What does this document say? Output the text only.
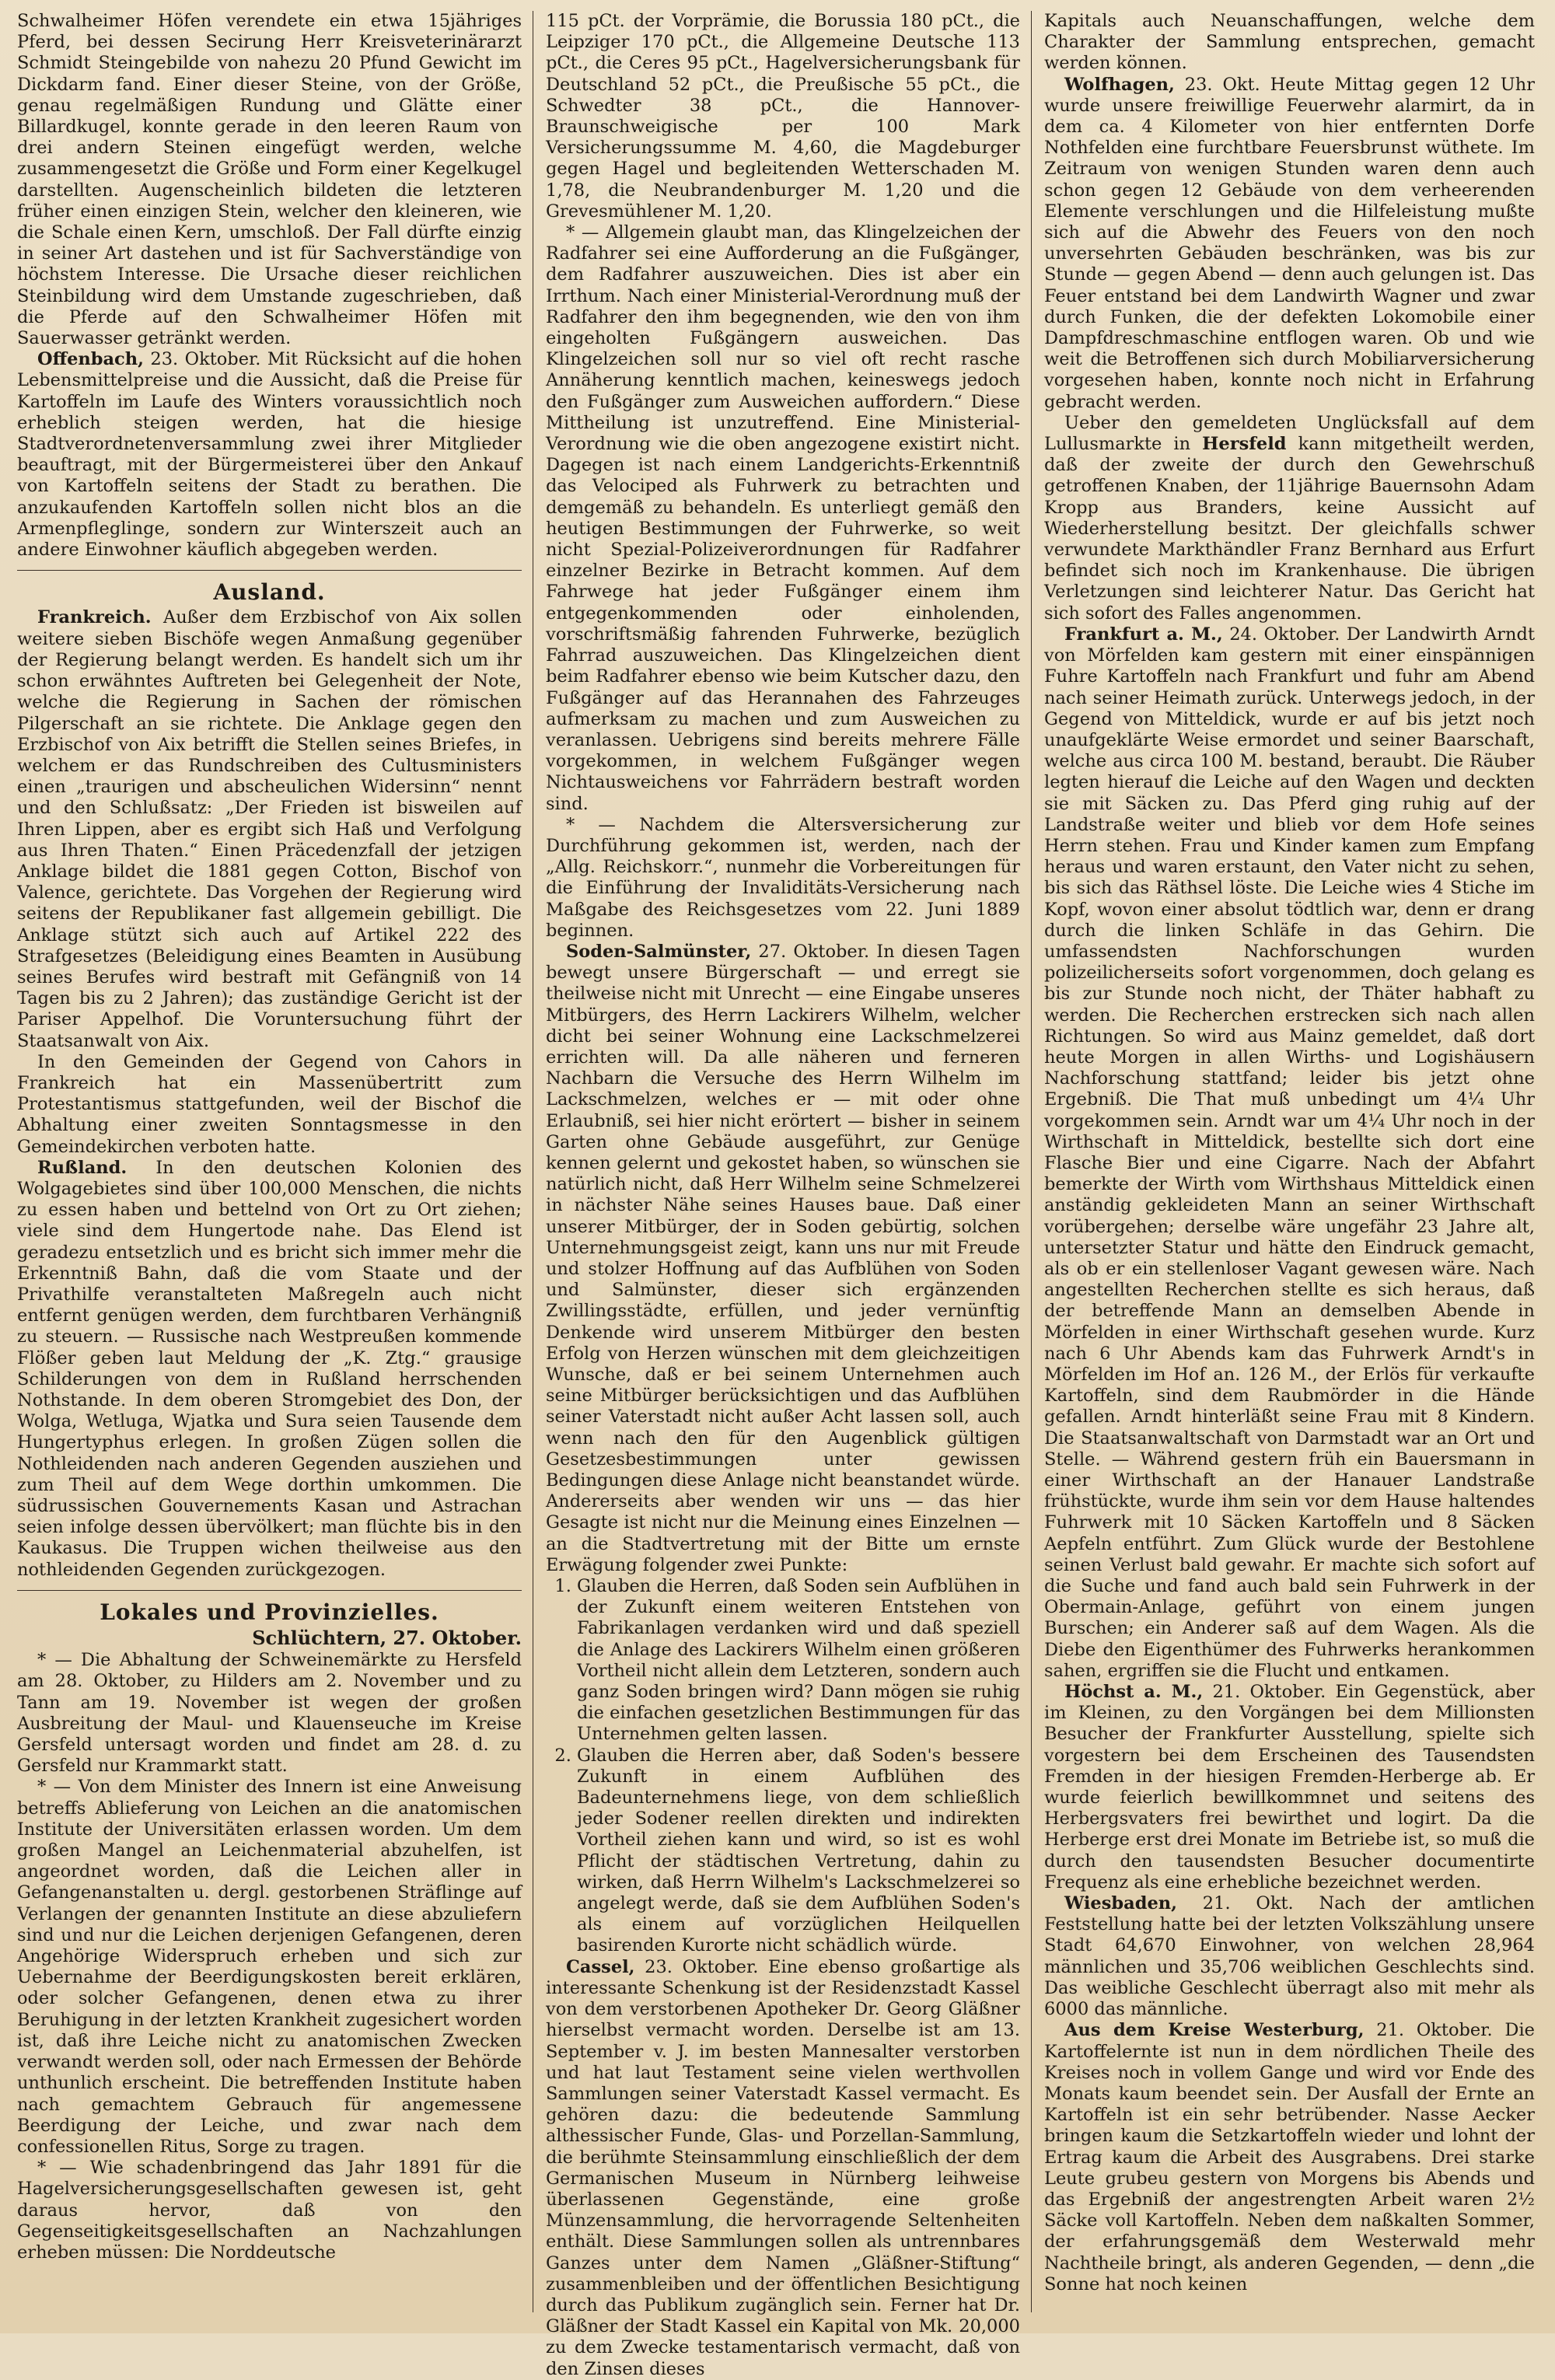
Schwalheimer Höfen verendete ein etwa 15jähriges Pferd, bei dessen Secirung Herr Kreisveterinärarzt Schmidt Steingebilde von nahezu 20 Pfund Gewicht im Dickdarm fand. Einer dieser Steine, von der Größe, genau regelmäßigen Rundung und Glätte einer Billardkugel, konnte gerade in den leeren Raum von drei andern Steinen eingefügt werden, welche zusammengesetzt die Größe und Form einer Kegelkugel darstellten. Augenscheinlich bildeten die letzteren früher einen einzigen Stein, welcher den kleineren, wie die Schale einen Kern, umschloß. Der Fall dürfte einzig in seiner Art dastehen und ist für Sachverständige von höchstem Interesse. Die Ursache dieser reichlichen Steinbildung wird dem Umstande zugeschrieben, daß die Pferde auf den Schwalheimer Höfen mit Sauerwasser getränkt werden.

Offenbach, 23. Oktober. Mit Rücksicht auf die hohen Lebensmittelpreise und die Aussicht, daß die Preise für Kartoffeln im Laufe des Winters voraussichtlich noch erheblich steigen werden, hat die hiesige Stadtverordnetenversammlung zwei ihrer Mitglieder beauftragt, mit der Bürgermeisterei über den Ankauf von Kartoffeln seitens der Stadt zu berathen. Die anzukaufenden Kartoffeln sollen nicht blos an die Armenpfleglinge, sondern zur Winterszeit auch an andere Einwohner käuflich abgegeben werden.

Ausland.

Frankreich. Außer dem Erzbischof von Aix sollen weitere sieben Bischöfe wegen Anmaßung gegenüber der Regierung belangt werden. Es handelt sich um ihr schon erwähntes Auftreten bei Gelegenheit der Note, welche die Regierung in Sachen der römischen Pilgerschaft an sie richtete. Die Anklage gegen den Erzbischof von Aix betrifft die Stellen seines Briefes, in welchem er das Rundschreiben des Cultusministers einen „traurigen und abscheulichen Widersinn“ nennt und den Schlußsatz: „Der Frieden ist bisweilen auf Ihren Lippen, aber es ergibt sich Haß und Verfolgung aus Ihren Thaten.“ Einen Präcedenzfall der jetzigen Anklage bildet die 1881 gegen Cotton, Bischof von Valence, gerichtete. Das Vorgehen der Regierung wird seitens der Republikaner fast allgemein gebilligt. Die Anklage stützt sich auch auf Artikel 222 des Strafgesetzes (Beleidigung eines Beamten in Ausübung seines Berufes wird bestraft mit Gefängniß von 14 Tagen bis zu 2 Jahren); das zuständige Gericht ist der Pariser Appelhof. Die Voruntersuchung führt der Staatsanwalt von Aix.

In den Gemeinden der Gegend von Cahors in Frankreich hat ein Massenübertritt zum Protestantismus stattgefunden, weil der Bischof die Abhaltung einer zweiten Sonntagsmesse in den Gemeindekirchen verboten hatte.

Rußland. In den deutschen Kolonien des Wolgagebietes sind über 100,000 Menschen, die nichts zu essen haben und bettelnd von Ort zu Ort ziehen; viele sind dem Hungertode nahe. Das Elend ist geradezu entsetzlich und es bricht sich immer mehr die Erkenntniß Bahn, daß die vom Staate und der Privathilfe veranstalteten Maßregeln auch nicht entfernt genügen werden, dem furchtbaren Verhängniß zu steuern. — Russische nach Westpreußen kommende Flößer geben laut Meldung der „K. Ztg.“ grausige Schilderungen von dem in Rußland herrschenden Nothstande. In dem oberen Stromgebiet des Don, der Wolga, Wetluga, Wjatka und Sura seien Tausende dem Hungertyphus erlegen. In großen Zügen sollen die Nothleidenden nach anderen Gegenden ausziehen und zum Theil auf dem Wege dorthin umkommen. Die südrussischen Gouvernements Kasan und Astrachan seien infolge dessen übervölkert; man flüchte bis in den Kaukasus. Die Truppen wichen theilweise aus den nothleidenden Gegenden zurückgezogen.

Lokales und Provinzielles.

Schlüchtern, 27. Oktober.

* — Die Abhaltung der Schweinemärkte zu Hersfeld am 28. Oktober, zu Hilders am 2. November und zu Tann am 19. November ist wegen der großen Ausbreitung der Maul- und Klauenseuche im Kreise Gersfeld untersagt worden und findet am 28. d. zu Gersfeld nur Krammarkt statt.

* — Von dem Minister des Innern ist eine Anweisung betreffs Ablieferung von Leichen an die anatomischen Institute der Universitäten erlassen worden. Um dem großen Mangel an Leichenmaterial abzuhelfen, ist angeordnet worden, daß die Leichen aller in Gefangenanstalten u. dergl. gestorbenen Sträflinge auf Verlangen der genannten Institute an diese abzuliefern sind und nur die Leichen derjenigen Gefangenen, deren Angehörige Widerspruch erheben und sich zur Uebernahme der Beerdigungskosten bereit erklären, oder solcher Gefangenen, denen etwa zu ihrer Beruhigung in der letzten Krankheit zugesichert worden ist, daß ihre Leiche nicht zu anatomischen Zwecken verwandt werden soll, oder nach Ermessen der Behörde unthunlich erscheint. Die betreffenden Institute haben nach gemachtem Gebrauch für angemessene Beerdigung der Leiche, und zwar nach dem confessionellen Ritus, Sorge zu tragen.

* — Wie schadenbringend das Jahr 1891 für die Hagelversicherungsgesellschaften gewesen ist, geht daraus hervor, daß von den Gegenseitigkeitsgesellschaften an Nachzahlungen erheben müssen: Die Norddeutsche

115 pCt. der Vorprämie, die Borussia 180 pCt., die Leipziger 170 pCt., die Allgemeine Deutsche 113 pCt., die Ceres 95 pCt., Hagelversicherungsbank für Deutschland 52 pCt., die Preußische 55 pCt., die Schwedter 38 pCt., die Hannover-Braunschweigische per 100 Mark Versicherungssumme M. 4,60, die Magdeburger gegen Hagel und begleitenden Wetterschaden M. 1,78, die Neubrandenburger M. 1,20 und die Grevesmühlener M. 1,20.

* — Allgemein glaubt man, das Klingelzeichen der Radfahrer sei eine Aufforderung an die Fußgänger, dem Radfahrer auszuweichen. Dies ist aber ein Irrthum. Nach einer Ministerial-Verordnung muß der Radfahrer den ihm begegnenden, wie den von ihm eingeholten Fußgängern ausweichen. Das Klingelzeichen soll nur so viel oft recht rasche Annäherung kenntlich machen, keineswegs jedoch den Fußgänger zum Ausweichen auffordern.“ Diese Mittheilung ist unzutreffend. Eine Ministerial-Verordnung wie die oben angezogene existirt nicht. Dagegen ist nach einem Landgerichts-Erkenntniß das Velociped als Fuhrwerk zu betrachten und demgemäß zu behandeln. Es unterliegt gemäß den heutigen Bestimmungen der Fuhrwerke, so weit nicht Spezial-Polizeiverordnungen für Radfahrer einzelner Bezirke in Betracht kommen. Auf dem Fahrwege hat jeder Fußgänger einem ihm entgegenkommenden oder einholenden, vorschriftsmäßig fahrenden Fuhrwerke, bezüglich Fahrrad auszuweichen. Das Klingelzeichen dient beim Radfahrer ebenso wie beim Kutscher dazu, den Fußgänger auf das Herannahen des Fahrzeuges aufmerksam zu machen und zum Ausweichen zu veranlassen. Uebrigens sind bereits mehrere Fälle vorgekommen, in welchem Fußgänger wegen Nichtausweichens vor Fahrrädern bestraft worden sind.

* — Nachdem die Altersversicherung zur Durchführung gekommen ist, werden, nach der „Allg. Reichskorr.“, nunmehr die Vorbereitungen für die Einführung der Invaliditäts-Versicherung nach Maßgabe des Reichsgesetzes vom 22. Juni 1889 beginnen.

Soden-Salmünster, 27. Oktober. In diesen Tagen bewegt unsere Bürgerschaft — und erregt sie theilweise nicht mit Unrecht — eine Eingabe unseres Mitbürgers, des Herrn Lackirers Wilhelm, welcher dicht bei seiner Wohnung eine Lackschmelzerei errichten will. Da alle näheren und ferneren Nachbarn die Versuche des Herrn Wilhelm im Lackschmelzen, welches er — mit oder ohne Erlaubniß, sei hier nicht erörtert — bisher in seinem Garten ohne Gebäude ausgeführt, zur Genüge kennen gelernt und gekostet haben, so wünschen sie natürlich nicht, daß Herr Wilhelm seine Schmelzerei in nächster Nähe seines Hauses baue. Daß einer unserer Mitbürger, der in Soden gebürtig, solchen Unternehmungsgeist zeigt, kann uns nur mit Freude und stolzer Hoffnung auf das Aufblühen von Soden und Salmünster, dieser sich ergänzenden Zwillingsstädte, erfüllen, und jeder vernünftig Denkende wird unserem Mitbürger den besten Erfolg von Herzen wünschen mit dem gleichzeitigen Wunsche, daß er bei seinem Unternehmen auch seine Mitbürger berücksichtigen und das Aufblühen seiner Vaterstadt nicht außer Acht lassen soll, auch wenn nach den für den Augenblick gültigen Gesetzesbestimmungen unter gewissen Bedingungen diese Anlage nicht beanstandet würde. Andererseits aber wenden wir uns — das hier Gesagte ist nicht nur die Meinung eines Einzelnen — an die Stadtvertretung mit der Bitte um ernste Erwägung folgender zwei Punkte:

1. Glauben die Herren, daß Soden sein Aufblühen in der Zukunft einem weiteren Entstehen von Fabrikanlagen verdanken wird und daß speziell die Anlage des Lackirers Wilhelm einen größeren Vortheil nicht allein dem Letzteren, sondern auch ganz Soden bringen wird? Dann mögen sie ruhig die einfachen gesetzlichen Bestimmungen für das Unternehmen gelten lassen.
2. Glauben die Herren aber, daß Soden's bessere Zukunft in einem Aufblühen des Badeunternehmens liege, von dem schließlich jeder Sodener reellen direkten und indirekten Vortheil ziehen kann und wird, so ist es wohl Pflicht der städtischen Vertretung, dahin zu wirken, daß Herrn Wilhelm's Lackschmelzerei so angelegt werde, daß sie dem Aufblühen Soden's als einem auf vorzüglichen Heilquellen basirenden Kurorte nicht schädlich würde.

Cassel, 23. Oktober. Eine ebenso großartige als interessante Schenkung ist der Residenzstadt Kassel von dem verstorbenen Apotheker Dr. Georg Gläßner hierselbst vermacht worden. Derselbe ist am 13. September v. J. im besten Mannesalter verstorben und hat laut Testament seine vielen werthvollen Sammlungen seiner Vaterstadt Kassel vermacht. Es gehören dazu: die bedeutende Sammlung althessischer Funde, Glas- und Porzellan-Sammlung, die berühmte Steinsammlung einschließlich der dem Germanischen Museum in Nürnberg leihweise überlassenen Gegenstände, eine große Münzensammlung, die hervorragende Seltenheiten enthält. Diese Sammlungen sollen als untrennbares Ganzes unter dem Namen „Gläßner-Stiftung“ zusammenbleiben und der öffentlichen Besichtigung durch das Publikum zugänglich sein. Ferner hat Dr. Gläßner der Stadt Kassel ein Kapital von Mk. 20,000 zu dem Zwecke testamentarisch vermacht, daß von den Zinsen dieses

Kapitals auch Neuanschaffungen, welche dem Charakter der Sammlung entsprechen, gemacht werden können.

Wolfhagen, 23. Okt. Heute Mittag gegen 12 Uhr wurde unsere freiwillige Feuerwehr alarmirt, da in dem ca. 4 Kilometer von hier entfernten Dorfe Nothfelden eine furchtbare Feuersbrunst wüthete. Im Zeitraum von wenigen Stunden waren denn auch schon gegen 12 Gebäude von dem verheerenden Elemente verschlungen und die Hilfeleistung mußte sich auf die Abwehr des Feuers von den noch unversehrten Gebäuden beschränken, was bis zur Stunde — gegen Abend — denn auch gelungen ist. Das Feuer entstand bei dem Landwirth Wagner und zwar durch Funken, die der defekten Lokomobile einer Dampfdreschmaschine entflogen waren. Ob und wie weit die Betroffenen sich durch Mobiliarversicherung vorgesehen haben, konnte noch nicht in Erfahrung gebracht werden.

Ueber den gemeldeten Unglücksfall auf dem Lullusmarkte in Hersfeld kann mitgetheilt werden, daß der zweite der durch den Gewehrschuß getroffenen Knaben, der 11jährige Bauernsohn Adam Kropp aus Branders, keine Aussicht auf Wiederherstellung besitzt. Der gleichfalls schwer verwundete Markthändler Franz Bernhard aus Erfurt befindet sich noch im Krankenhause. Die übrigen Verletzungen sind leichterer Natur. Das Gericht hat sich sofort des Falles angenommen.

Frankfurt a. M., 24. Oktober. Der Landwirth Arndt von Mörfelden kam gestern mit einer einspännigen Fuhre Kartoffeln nach Frankfurt und fuhr am Abend nach seiner Heimath zurück. Unterwegs jedoch, in der Gegend von Mitteldick, wurde er auf bis jetzt noch unaufgeklärte Weise ermordet und seiner Baarschaft, welche aus circa 100 M. bestand, beraubt. Die Räuber legten hierauf die Leiche auf den Wagen und deckten sie mit Säcken zu. Das Pferd ging ruhig auf der Landstraße weiter und blieb vor dem Hofe seines Herrn stehen. Frau und Kinder kamen zum Empfang heraus und waren erstaunt, den Vater nicht zu sehen, bis sich das Räthsel löste. Die Leiche wies 4 Stiche im Kopf, wovon einer absolut tödtlich war, denn er drang durch die linken Schläfe in das Gehirn. Die umfassendsten Nachforschungen wurden polizeilicherseits sofort vorgenommen, doch gelang es bis zur Stunde noch nicht, der Thäter habhaft zu werden. Die Recherchen erstrecken sich nach allen Richtungen. So wird aus Mainz gemeldet, daß dort heute Morgen in allen Wirths- und Logishäusern Nachforschung stattfand; leider bis jetzt ohne Ergebniß. Die That muß unbedingt um 4¼ Uhr vorgekommen sein. Arndt war um 4¼ Uhr noch in der Wirthschaft in Mitteldick, bestellte sich dort eine Flasche Bier und eine Cigarre. Nach der Abfahrt bemerkte der Wirth vom Wirthshaus Mitteldick einen anständig gekleideten Mann an seiner Wirthschaft vorübergehen; derselbe wäre ungefähr 23 Jahre alt, untersetzter Statur und hätte den Eindruck gemacht, als ob er ein stellenloser Vagant gewesen wäre. Nach angestellten Recherchen stellte es sich heraus, daß der betreffende Mann an demselben Abende in Mörfelden in einer Wirthschaft gesehen wurde. Kurz nach 6 Uhr Abends kam das Fuhrwerk Arndt's in Mörfelden im Hof an. 126 M., der Erlös für verkaufte Kartoffeln, sind dem Raubmörder in die Hände gefallen. Arndt hinterläßt seine Frau mit 8 Kindern. Die Staatsanwaltschaft von Darmstadt war an Ort und Stelle. — Während gestern früh ein Bauersmann in einer Wirthschaft an der Hanauer Landstraße frühstückte, wurde ihm sein vor dem Hause haltendes Fuhrwerk mit 10 Säcken Kartoffeln und 8 Säcken Aepfeln entführt. Zum Glück wurde der Bestohlene seinen Verlust bald gewahr. Er machte sich sofort auf die Suche und fand auch bald sein Fuhrwerk in der Obermain-Anlage, geführt von einem jungen Burschen; ein Anderer saß auf dem Wagen. Als die Diebe den Eigenthümer des Fuhrwerks herankommen sahen, ergriffen sie die Flucht und entkamen.

Höchst a. M., 21. Oktober. Ein Gegenstück, aber im Kleinen, zu den Vorgängen bei dem Millionsten Besucher der Frankfurter Ausstellung, spielte sich vorgestern bei dem Erscheinen des Tausendsten Fremden in der hiesigen Fremden-Herberge ab. Er wurde feierlich bewillkommnet und seitens des Herbergsvaters frei bewirthet und logirt. Da die Herberge erst drei Monate im Betriebe ist, so muß die durch den tausendsten Besucher documentirte Frequenz als eine erhebliche bezeichnet werden.

Wiesbaden, 21. Okt. Nach der amtlichen Feststellung hatte bei der letzten Volkszählung unsere Stadt 64,670 Einwohner, von welchen 28,964 männlichen und 35,706 weiblichen Geschlechts sind. Das weibliche Geschlecht überragt also mit mehr als 6000 das männliche.

Aus dem Kreise Westerburg, 21. Oktober. Die Kartoffelernte ist nun in dem nördlichen Theile des Kreises noch in vollem Gange und wird vor Ende des Monats kaum beendet sein. Der Ausfall der Ernte an Kartoffeln ist ein sehr betrübender. Nasse Aecker bringen kaum die Setzkartoffeln wieder und lohnt der Ertrag kaum die Arbeit des Ausgrabens. Drei starke Leute grubeu gestern von Morgens bis Abends und das Ergebniß der angestrengten Arbeit waren 2½ Säcke voll Kartoffeln. Neben dem naßkalten Sommer, der erfahrungsgemäß dem Westerwald mehr Nachtheile bringt, als anderen Gegenden, — denn „die Sonne hat noch keinen
